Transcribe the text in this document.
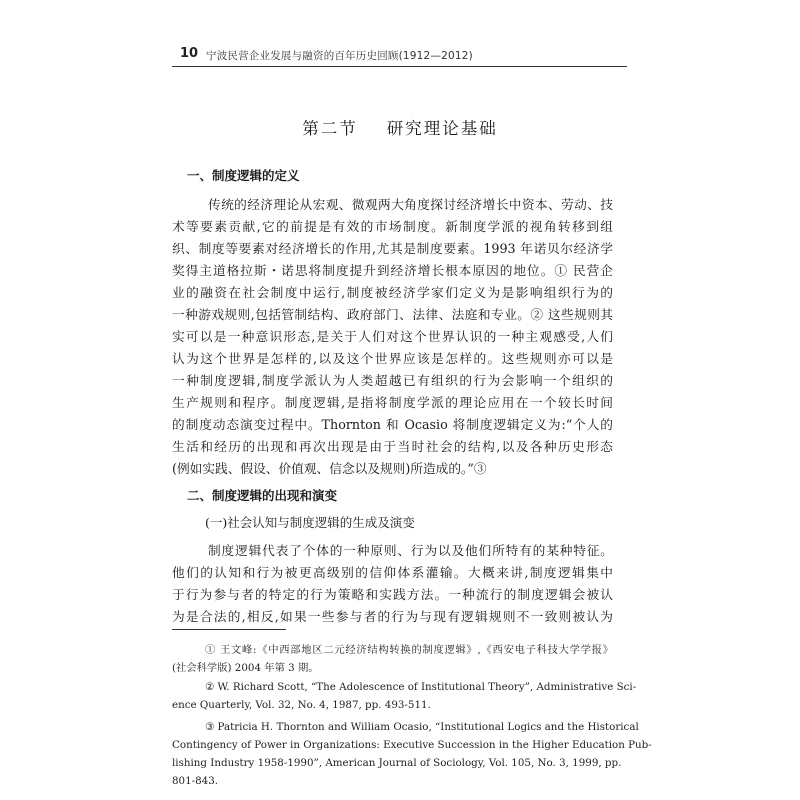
10 宁波民营企业发展与融资的百年历史回顾(1912—2012)
第二节    研究理论基础
一、制度逻辑的定义
传统的经济理论从宏观、微观两大角度探讨经济增长中资本、劳动、技
术等要素贡献,它的前提是有效的市场制度。新制度学派的视角转移到组
织、制度等要素对经济增长的作用,尤其是制度要素。1993 年诺贝尔经济学
奖得主道格拉斯・诺思将制度提升到经济增长根本原因的地位。① 民营企
业的融资在社会制度中运行,制度被经济学家们定义为是影响组织行为的
一种游戏规则,包括管制结构、政府部门、法律、法庭和专业。② 这些规则其
实可以是一种意识形态,是关于人们对这个世界认识的一种主观感受,人们
认为这个世界是怎样的,以及这个世界应该是怎样的。这些规则亦可以是
一种制度逻辑,制度学派认为人类超越已有组织的行为会影响一个组织的
生产规则和程序。制度逻辑,是指将制度学派的理论应用在一个较长时间
的制度动态演变过程中。Thornton 和 Ocasio 将制度逻辑定义为:“个人的
生活和经历的出现和再次出现是由于当时社会的结构,以及各种历史形态
(例如实践、假设、价值观、信念以及规则)所造成的。”③
二、制度逻辑的出现和演变
(一)社会认知与制度逻辑的生成及演变
制度逻辑代表了个体的一种原则、行为以及他们所特有的某种特征。
他们的认知和行为被更高级别的信仰体系灌输。大概来讲,制度逻辑集中
于行为参与者的特定的行为策略和实践方法。一种流行的制度逻辑会被认
为是合法的,相反,如果一些参与者的行为与现有逻辑规则不一致则被认为
① 王文峰:《中西部地区二元经济结构转换的制度逻辑》,《西安电子科技大学学报》
(社会科学版) 2004 年第 3 期。
② W. Richard Scott, “The Adolescence of Institutional Theory”, Administrative Sci-
ence Quarterly, Vol. 32, No. 4, 1987, pp. 493-511.
③ Patricia H. Thornton and William Ocasio, “Institutional Logics and the Historical
Contingency of Power in Organizations: Executive Succession in the Higher Education Pub-
lishing Industry 1958-1990”, American Journal of Sociology, Vol. 105, No. 3, 1999, pp.
801-843.
